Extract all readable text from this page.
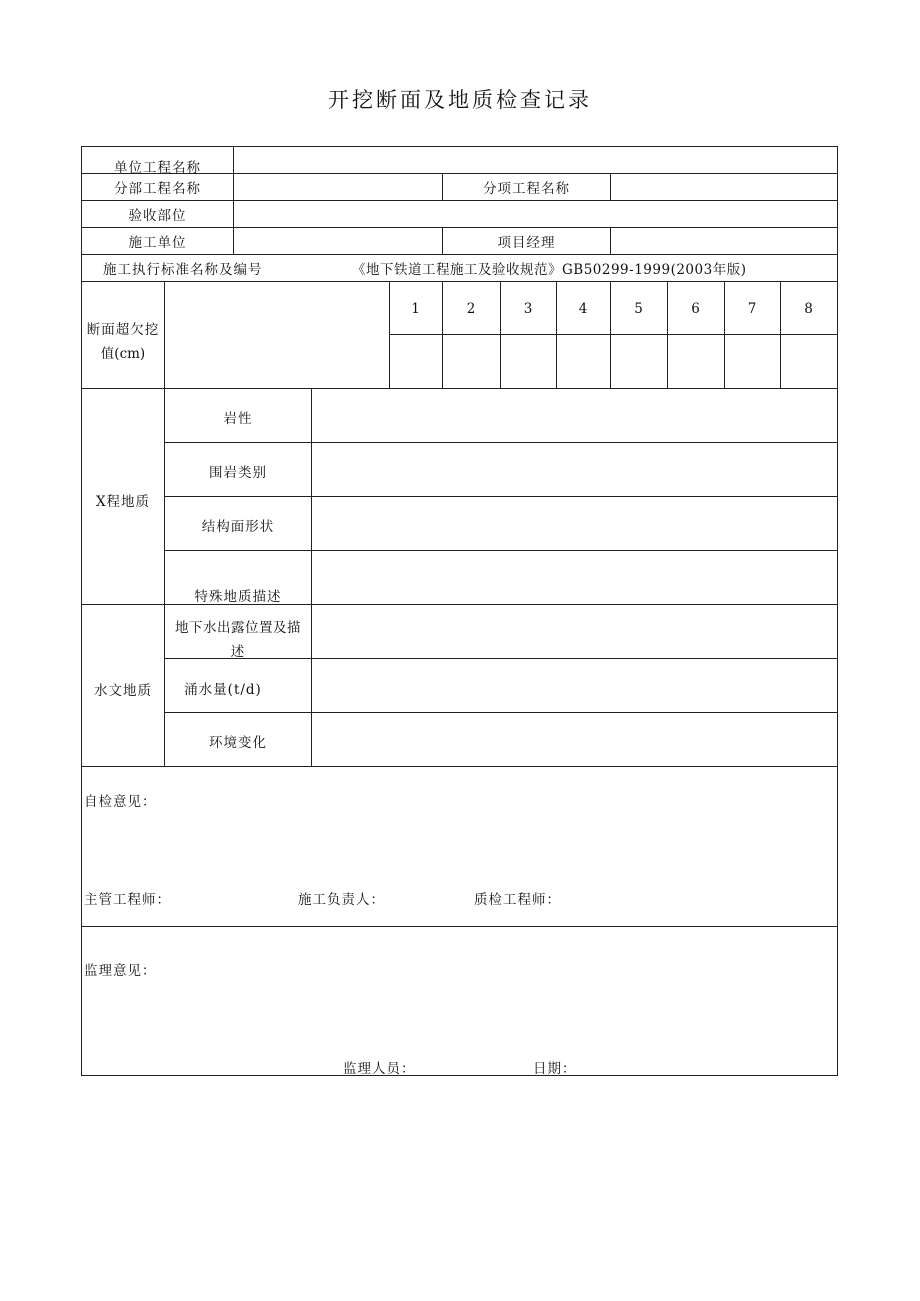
开挖断面及地质检查记录
单位工程名称
分部工程名称	分项工程名称
验收部位
施工单位	项目经理
施工执行标准名称及编号	《地下铁道工程施工及验收规范》GB50299-1999(2003年版)
断面超欠挖
值(cm)
1	2	3	4	5	6	7	8
X程地质
岩性
围岩类别
结构面形状
特殊地质描述
水文地质
地下水出露位置及描
述
涌水量(t/d)
环境变化
自检意见：
主管工程师：	施工负责人：	质检工程师：
监理意见：
监理人员：	日期：
